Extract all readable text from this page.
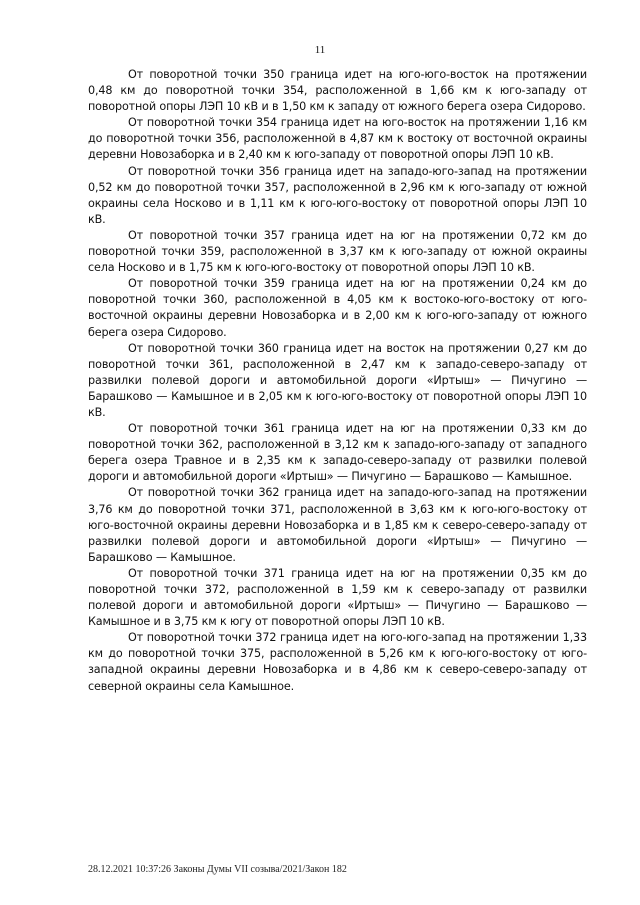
11

От поворотной точки 350 граница идет на юго-юго-восток на протяжении 0,48 км до поворотной точки 354, расположенной в 1,66 км к юго-западу от поворотной опоры ЛЭП 10 кВ и в 1,50 км к западу от южного берега озера Сидорово.

От поворотной точки 354 граница идет на юго-восток на протяжении 1,16 км до поворотной точки 356, расположенной в 4,87 км к востоку от восточной окраины деревни Новозаборка и в 2,40 км к юго-западу от поворотной опоры ЛЭП 10 кВ.

От поворотной точки 356 граница идет на западо-юго-запад на протяжении 0,52 км до поворотной точки 357, расположенной в 2,96 км к юго-западу от южной окраины села Носково и в 1,11 км к юго-юго-востоку от поворотной опоры ЛЭП 10 кВ.

От поворотной точки 357 граница идет на юг на протяжении 0,72 км до поворотной точки 359, расположенной в 3,37 км к юго-западу от южной окраины села Носково и в 1,75 км к юго-юго-востоку от поворотной опоры ЛЭП 10 кВ.

От поворотной точки 359 граница идет на юг на протяжении 0,24 км до поворотной точки 360, расположенной в 4,05 км к востоко-юго-востоку от юго-восточной окраины деревни Новозаборка и в 2,00 км к юго-юго-западу от южного берега озера Сидорово.

От поворотной точки 360 граница идет на восток на протяжении 0,27 км до поворотной точки 361, расположенной в 2,47 км к западо-северо-западу от развилки полевой дороги и автомобильной дороги «Иртыш» — Пичугино — Барашково — Камышное и в 2,05 км к юго-юго-востоку от поворотной опоры ЛЭП 10 кВ.

От поворотной точки 361 граница идет на юг на протяжении 0,33 км до поворотной точки 362, расположенной в 3,12 км к западо-юго-западу от западного берега озера Травное и в 2,35 км к западо-северо-западу от развилки полевой дороги и автомобильной дороги «Иртыш» — Пичугино — Барашково — Камышное.

От поворотной точки 362 граница идет на западо-юго-запад на протяжении 3,76 км до поворотной точки 371, расположенной в 3,63 км к юго-юго-востоку от юго-восточной окраины деревни Новозаборка и в 1,85 км к северо-северо-западу от развилки полевой дороги и автомобильной дороги «Иртыш» — Пичугино — Барашково — Камышное.

От поворотной точки 371 граница идет на юг на протяжении 0,35 км до поворотной точки 372, расположенной в 1,59 км к северо-западу от развилки полевой дороги и автомобильной дороги «Иртыш» — Пичугино — Барашково — Камышное и в 3,75 км к югу от поворотной опоры ЛЭП 10 кВ.

От поворотной точки 372 граница идет на юго-юго-запад на протяжении 1,33 км до поворотной точки 375, расположенной в 5,26 км к юго-юго-востоку от юго-западной окраины деревни Новозаборка и в 4,86 км к северо-северо-западу от северной окраины села Камышное.

28.12.2021 10:37:26 Законы Думы VII созыва/2021/Закон 182
